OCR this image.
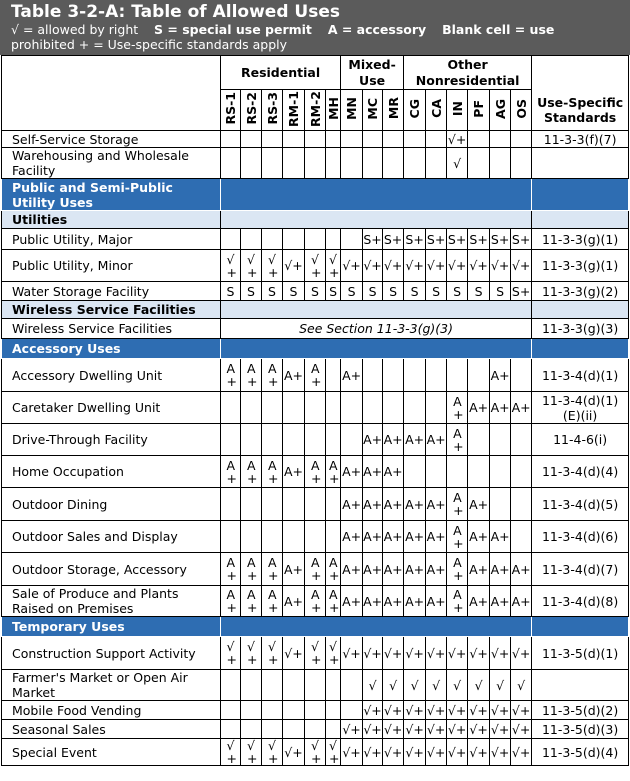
Table 3-2-A: Table of Allowed Uses
√ = allowed by right S = special use permit A = accessory Blank cell = use
prohibited + = Use-specific standards apply
	Residential						Mixed-
Use			Other
Nonresidential						
	RS-1	RS-2	RS-3	RM-1	RM-2	MH	MN	MC	MR	CG	CA	IN	PF	AG	OS	Use-Specific
Standards
Self-Service Storage												√+				11-3-3(f)(7)
Warehousing and Wholesale Facility												√				
Public and Semi-Public Utility Uses																
Utilities																
Public Utility, Major								S+	S+	S+	S+	S+	S+	S+	S+	11-3-3(g)(1)
Public Utility, Minor	√ +	√ +	√ +	√+	√ +	√ +	√+	√+	√+	√+	√+	√+	√+	√+	√+	11-3-3(g)(1)
Water Storage Facility	S	S	S	S	S	S	S	S	S	S	S	S	S	S	S+	11-3-3(g)(2)
Wireless Service Facilities																
Wireless Service Facilities	See Section 11-3-3(g)(3)															11-3-3(g)(3)
Accessory Uses																
Accessory Dwelling Unit	A +	A +	A +	A+	A +		A+							A+		11-3-4(d)(1)
Caretaker Dwelling Unit												A +	A+	A+	A+	11-3-4(d)(1) (E)(ii)
Drive-Through Facility								A+	A+	A+	A+	A +				11-4-6(i)
Home Occupation	A +	A +	A +	A+	A +	A +	A+	A+	A+							11-3-4(d)(4)
Outdoor Dining							A+	A+	A+	A+	A+	A +	A+			11-3-4(d)(5)
Outdoor Sales and Display							A+	A+	A+	A+	A+	A +	A+	A+		11-3-4(d)(6)
Outdoor Storage, Accessory	A +	A +	A +	A+	A +	A +	A+	A+	A+	A+	A+	A +	A+	A+	A+	11-3-4(d)(7)
Sale of Produce and Plants Raised on Premises	A +	A +	A +	A+	A +	A +	A+	A+	A+	A+	A+	A +	A+	A+	A+	11-3-4(d)(8)
Temporary Uses																
Construction Support Activity	√ +	√ +	√ +	√+	√ +	√ +	√+	√+	√+	√+	√+	√+	√+	√+	√+	11-3-5(d)(1)
Farmer's Market or Open Air Market								√	√	√	√	√	√	√	√	
Mobile Food Vending								√+	√+	√+	√+	√+	√+	√+	√+	11-3-5(d)(2)
Seasonal Sales							√+	√+	√+	√+	√+	√+	√+	√+	√+	11-3-5(d)(3)
Special Event	√ +	√ +	√ +	√+	√ +	√ +	√+	√+	√+	√+	√+	√+	√+	√+	√+	11-3-5(d)(4)
